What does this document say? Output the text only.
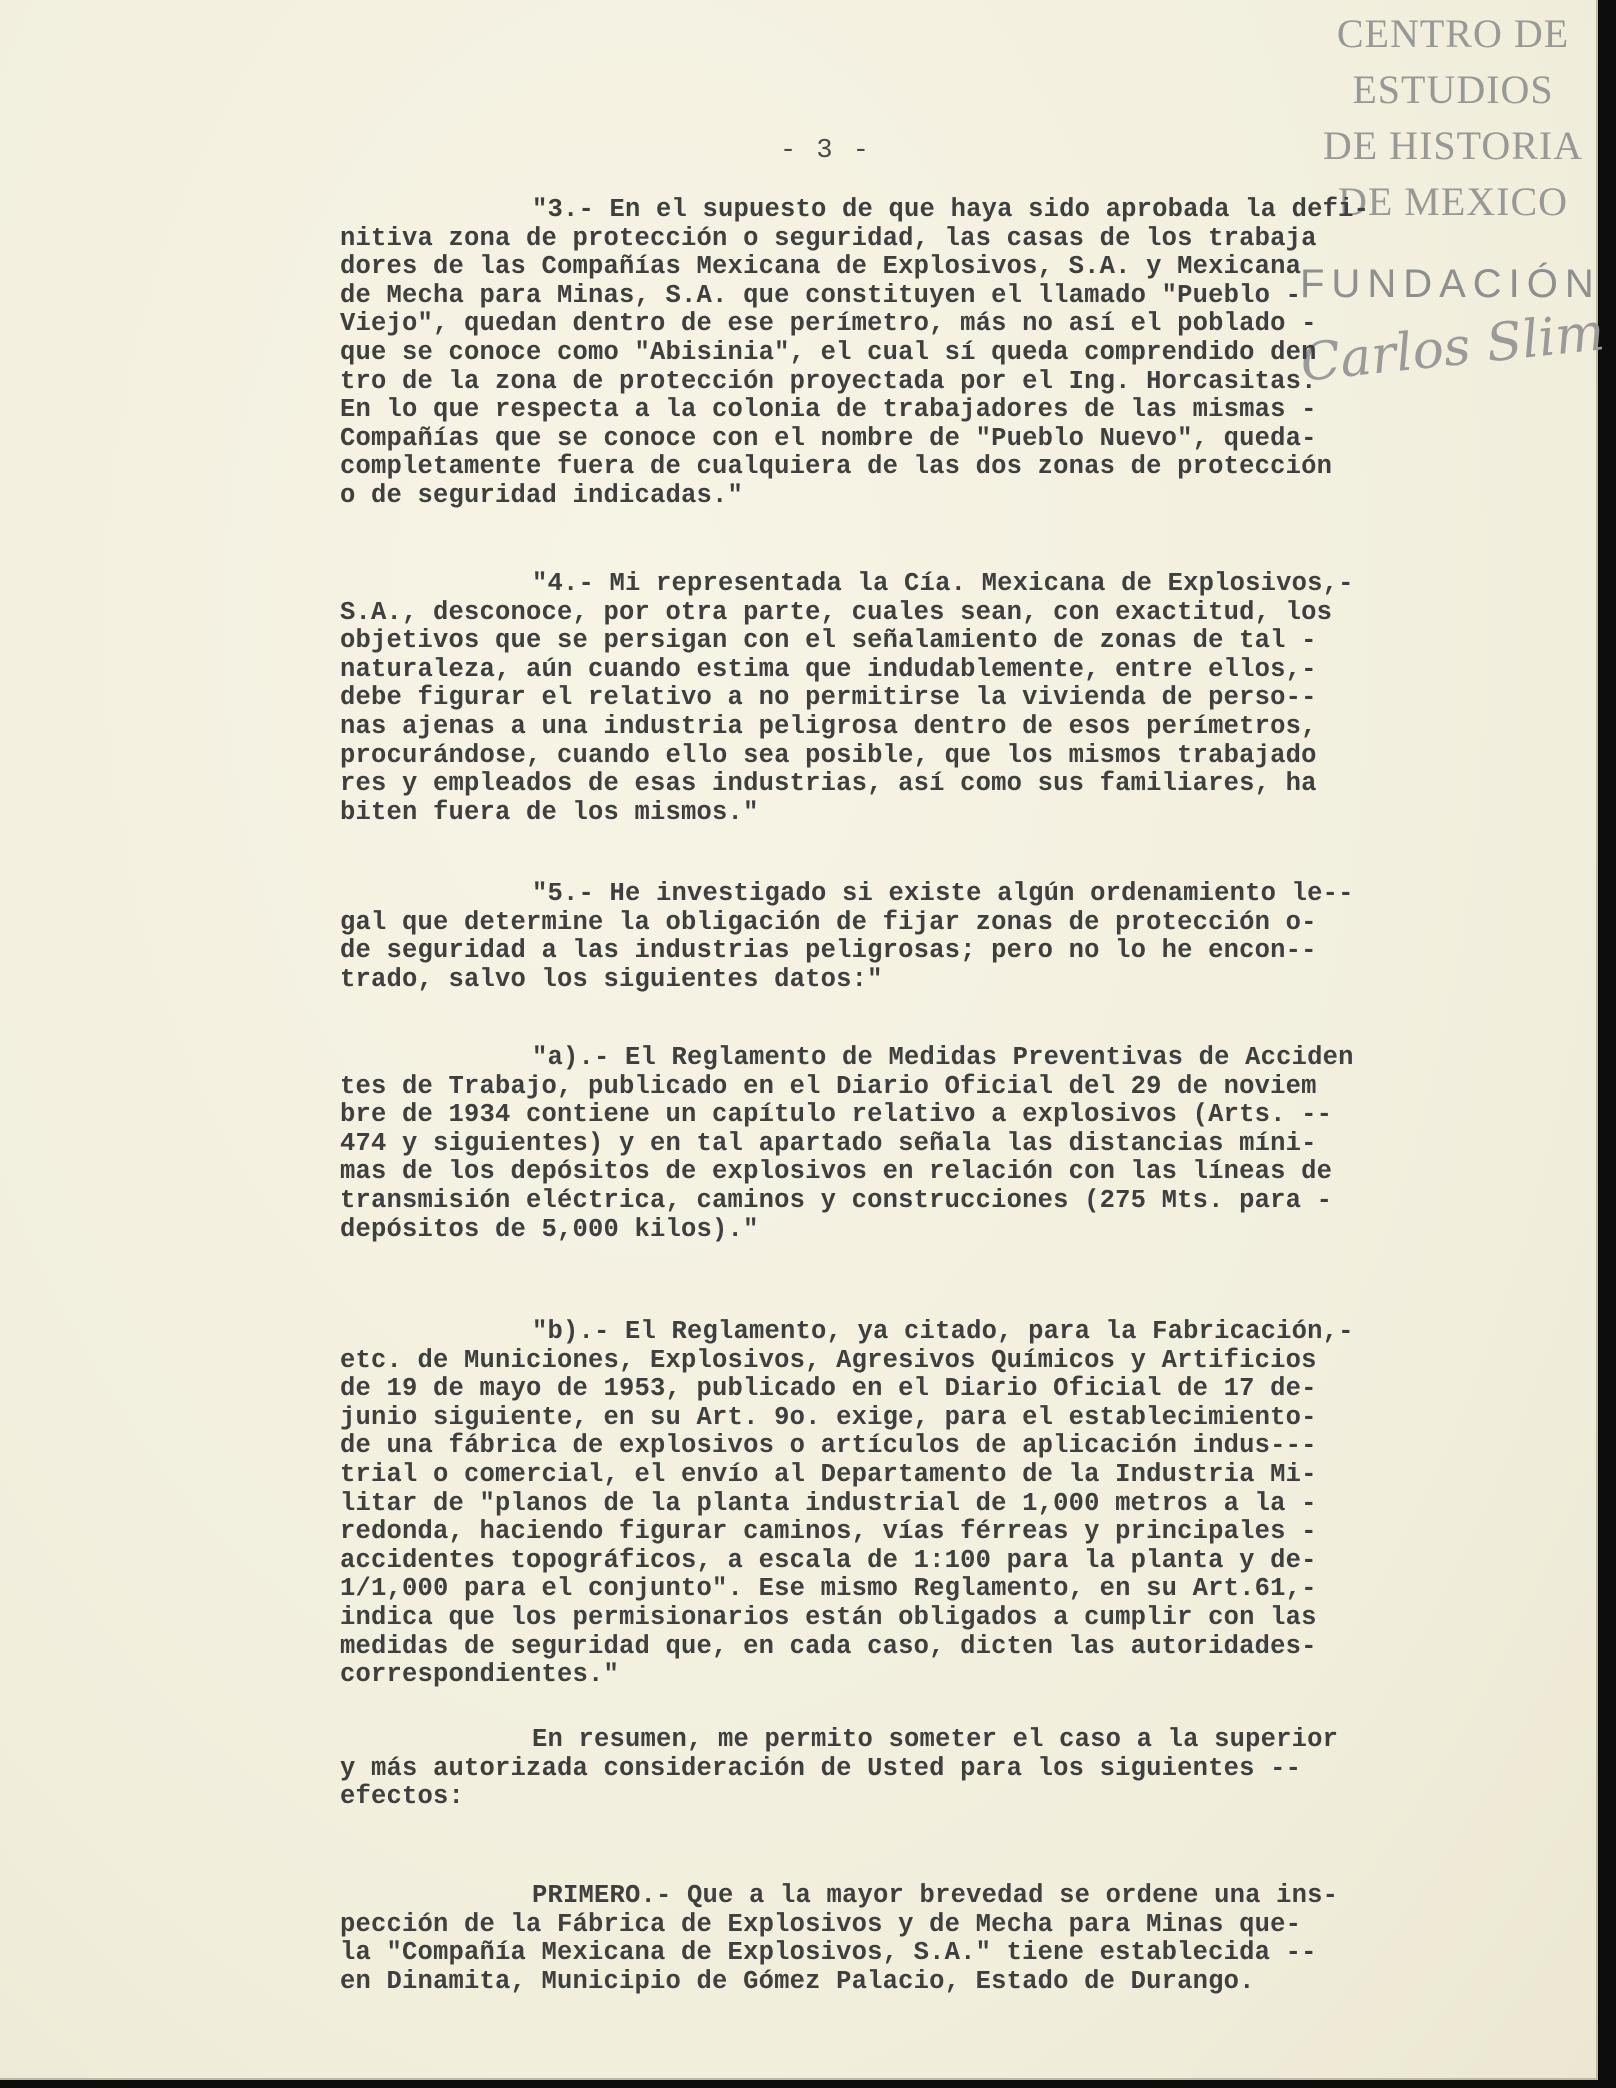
CENTRO DE
ESTUDIOS
DE HISTORIA
DE MEXICO
FUNDACIÓN
Carlos Slim
- 3 -
"3.- En el supuesto de que haya sido aprobada la defi-
nitiva zona de protección o seguridad, las casas de los trabaja
dores de las Compañías Mexicana de Explosivos, S.A. y Mexicana
de Mecha para Minas, S.A. que constituyen el llamado "Pueblo -
Viejo", quedan dentro de ese perímetro, más no así el poblado -
que se conoce como "Abisinia", el cual sí queda comprendido den
tro de la zona de protección proyectada por el Ing. Horcasitas.
En lo que respecta a la colonia de trabajadores de las mismas -
Compañías que se conoce con el nombre de "Pueblo Nuevo", queda-
completamente fuera de cualquiera de las dos zonas de protección
o de seguridad indicadas."
"4.- Mi representada la Cía. Mexicana de Explosivos,-
S.A., desconoce, por otra parte, cuales sean, con exactitud, los
objetivos que se persigan con el señalamiento de zonas de tal -
naturaleza, aún cuando estima que indudablemente, entre ellos,-
debe figurar el relativo a no permitirse la vivienda de perso--
nas ajenas a una industria peligrosa dentro de esos perímetros,
procurándose, cuando ello sea posible, que los mismos trabajado
res y empleados de esas industrias, así como sus familiares, ha
biten fuera de los mismos."
"5.- He investigado si existe algún ordenamiento le--
gal que determine la obligación de fijar zonas de protección o-
de seguridad a las industrias peligrosas; pero no lo he encon--
trado, salvo los siguientes datos:"
"a).- El Reglamento de Medidas Preventivas de Acciden
tes de Trabajo, publicado en el Diario Oficial del 29 de noviem
bre de 1934 contiene un capítulo relativo a explosivos (Arts. --
474 y siguientes) y en tal apartado señala las distancias míni-
mas de los depósitos de explosivos en relación con las líneas de
transmisión eléctrica, caminos y construcciones (275 Mts. para -
depósitos de 5,000 kilos)."
"b).- El Reglamento, ya citado, para la Fabricación,-
etc. de Municiones, Explosivos, Agresivos Químicos y Artificios
de 19 de mayo de 1953, publicado en el Diario Oficial de 17 de-
junio siguiente, en su Art. 9o. exige, para el establecimiento-
de una fábrica de explosivos o artículos de aplicación indus---
trial o comercial, el envío al Departamento de la Industria Mi-
litar de "planos de la planta industrial de 1,000 metros a la -
redonda, haciendo figurar caminos, vías férreas y principales -
accidentes topográficos, a escala de 1:100 para la planta y de-
1/1,000 para el conjunto". Ese mismo Reglamento, en su Art.61,-
indica que los permisionarios están obligados a cumplir con las
medidas de seguridad que, en cada caso, dicten las autoridades-
correspondientes."
En resumen, me permito someter el caso a la superior
y más autorizada consideración de Usted para los siguientes --
efectos:
PRIMERO.- Que a la mayor brevedad se ordene una ins-
pección de la Fábrica de Explosivos y de Mecha para Minas que-
la "Compañía Mexicana de Explosivos, S.A." tiene establecida --
en Dinamita, Municipio de Gómez Palacio, Estado de Durango.
